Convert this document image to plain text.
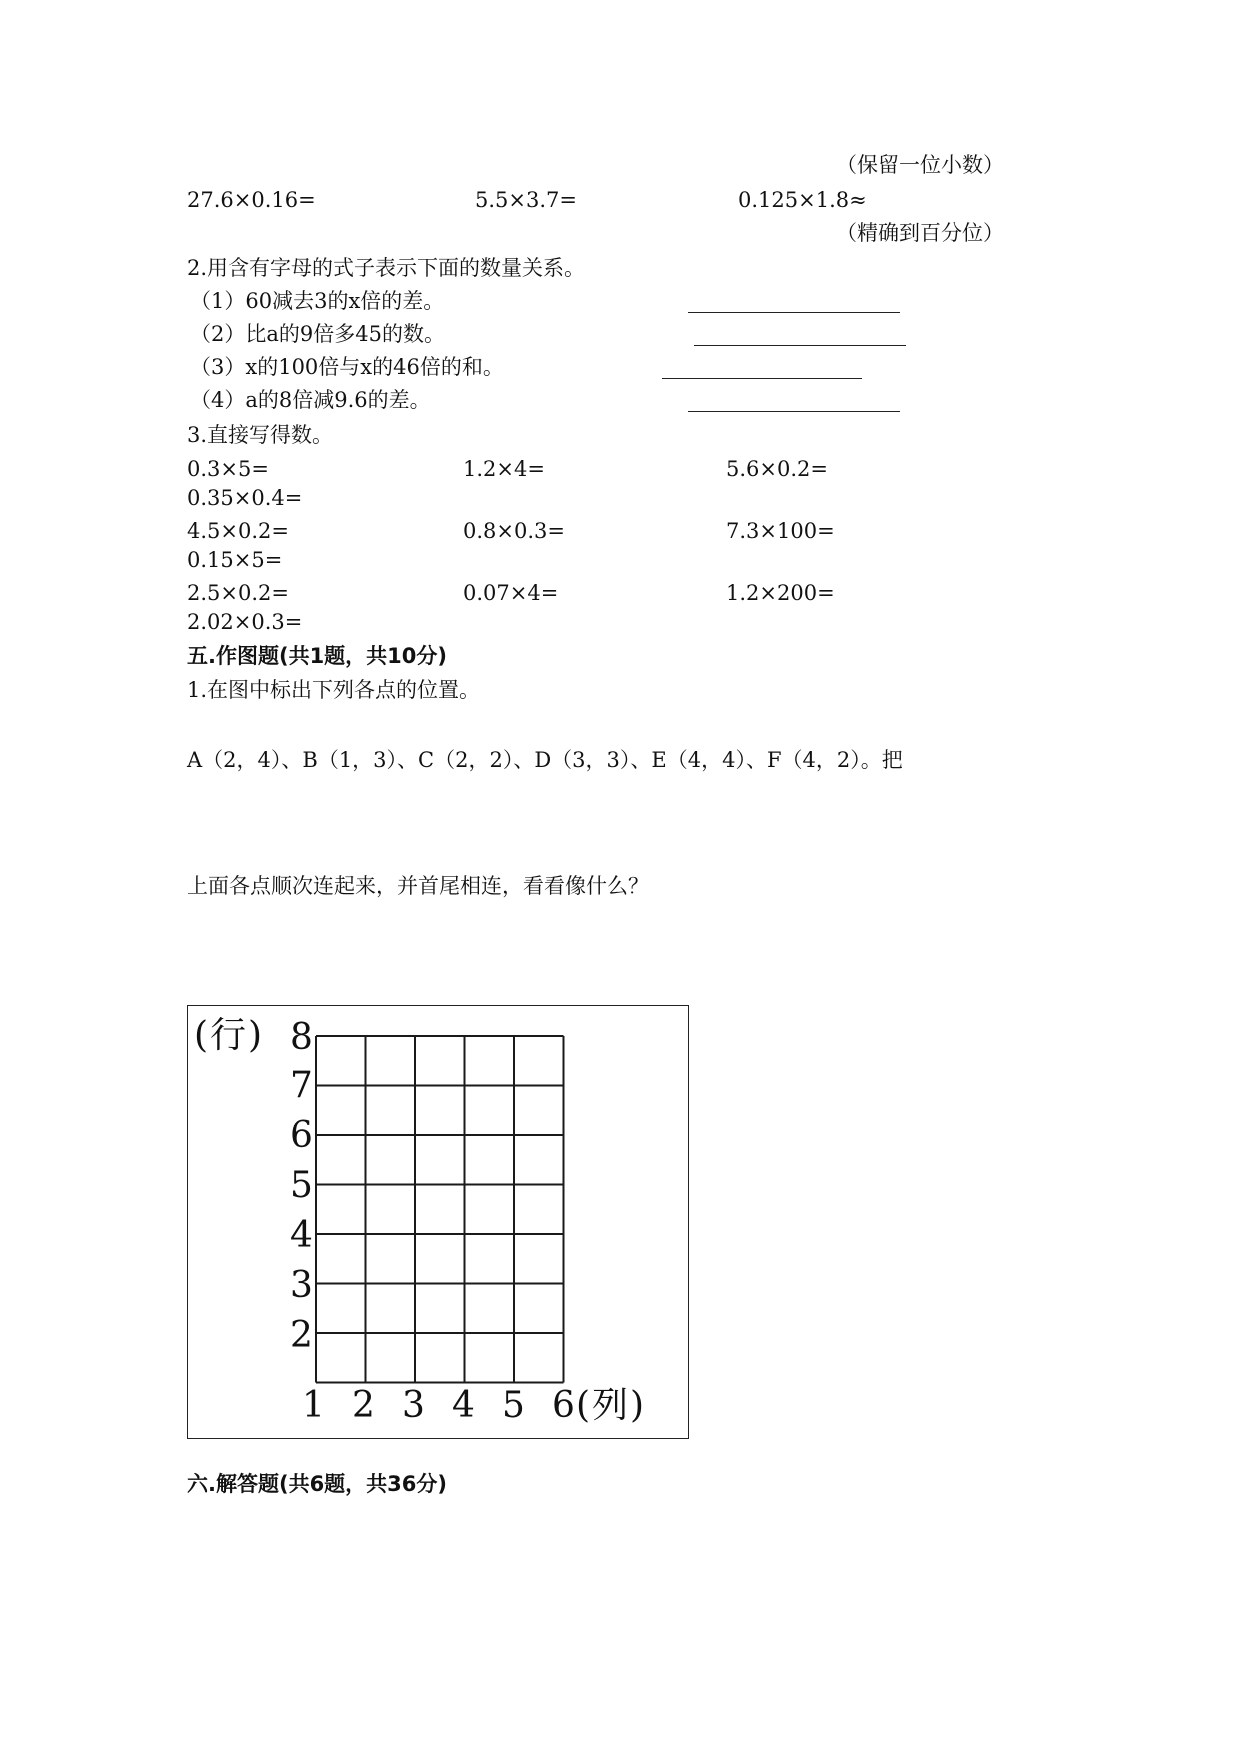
（保留一位小数）
27.6×0.16=	5.5×3.7=	0.125×1.8≈
（精确到百分位）
2.用含有字母的式子表示下面的数量关系。
（1）60减去3的x倍的差。
（2）比a的9倍多45的数。
（3）x的100倍与x的46倍的和。
（4）a的8倍减9.6的差。
3.直接写得数。
0.3×5=	1.2×4=	5.6×0.2=
0.35×0.4=
4.5×0.2=	0.8×0.3=	7.3×100=
0.15×5=
2.5×0.2=	0.07×4=	1.2×200=
2.02×0.3=
五.作图题(共1题，共10分)
1.在图中标出下列各点的位置。
A（2，4）、B（1，3）、C（2，2）、D（3，3）、E（4，4）、F（4，2）。把
上面各点顺次连起来，并首尾相连，看看像什么？
(行) 8
7
6
5
4
3
2
1 2 3 4 5 6 (列)
六.解答题(共6题，共36分)
